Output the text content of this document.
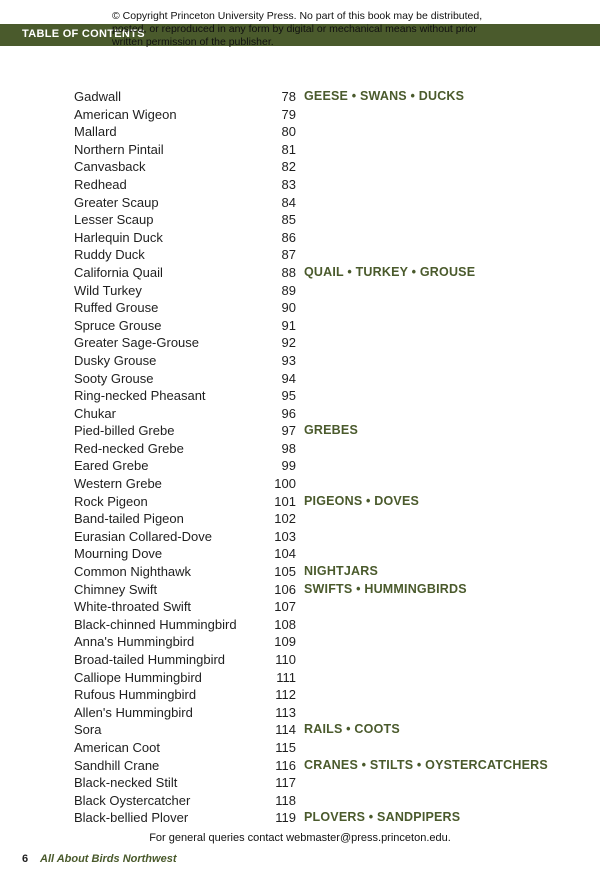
TABLE OF CONTENTS
© Copyright Princeton University Press. No part of this book may be distributed, posted, or reproduced in any form by digital or mechanical means without prior written permission of the publisher.
Gadwall	78 GEESE • SWANS • DUCKS
American Wigeon	79
Mallard	80
Northern Pintail	81
Canvasback	82
Redhead	83
Greater Scaup	84
Lesser Scaup	85
Harlequin Duck	86
Ruddy Duck	87
California Quail	88 QUAIL • TURKEY • GROUSE
Wild Turkey	89
Ruffed Grouse	90
Spruce Grouse	91
Greater Sage-Grouse	92
Dusky Grouse	93
Sooty Grouse	94
Ring-necked Pheasant	95
Chukar	96
Pied-billed Grebe	97 GREBES
Red-necked Grebe	98
Eared Grebe	99
Western Grebe	100
Rock Pigeon	101 PIGEONS • DOVES
Band-tailed Pigeon	102
Eurasian Collared-Dove	103
Mourning Dove	104
Common Nighthawk	105 NIGHTJARS
Chimney Swift	106 SWIFTS • HUMMINGBIRDS
White-throated Swift	107
Black-chinned Hummingbird	108
Anna's Hummingbird	109
Broad-tailed Hummingbird	110
Calliope Hummingbird	111
Rufous Hummingbird	112
Allen's Hummingbird	113
Sora	114 RAILS • COOTS
American Coot	115
Sandhill Crane	116 CRANES • STILTS • OYSTERCATCHERS
Black-necked Stilt	117
Black Oystercatcher	118
Black-bellied Plover	119 PLOVERS • SANDPIPERS
For general queries contact webmaster@press.princeton.edu.
6 All About Birds Northwest
